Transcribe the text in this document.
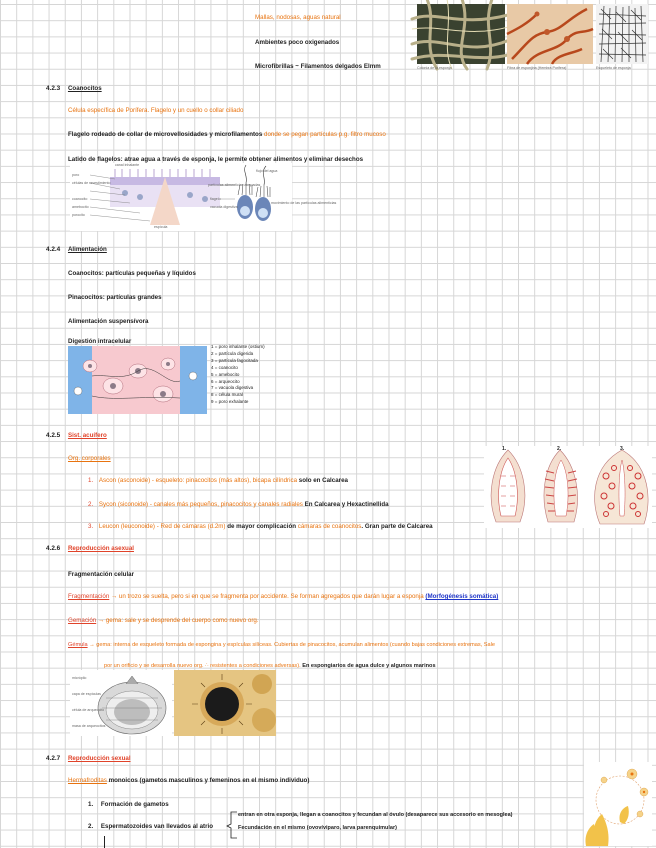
Mallas, nodosas, aguas natural
Ambientes poco oxigenados
Microfibrillas ~ Filamentos delgados Elmm	Colonia de la esponja	Fibra de esponjina (Hembra Porifera)	Esqueleto de esponja
4.2.3 Coanocitos
Célula específica de Porífera. Flagelo y un cuello o collar ciliado
Flagelo rodeado de collar de microvellosidades y microfilamentos donde se pegan partículas p.g. filtro mucoso
Latido de flagelos: atrae agua a través de esponja, le permite obtener alimentos y eliminar desechos
canal inhalante
poro
células de revestimiento
coanocito
amebocito
porocito
espícula
partículas alimenticias atrapadas
flujo del agua
flagelo
vacuola digestiva
movimiento de las partículas alimenticias
4.2.4 Alimentación
Coanocitos: partículas pequeñas y líquidos
Pinacocitos: partículas grandes
Alimentación suspensívora
Digestión intracelular
1 = poro inhalante (ostium)
2 = partícula digerida
3 = partícula fagocitada
4 = coanocito
5 = amebocito
6 = arqueocito
7 = vacuola digestiva
8 = célula mural
9 = poro exhalante
4.2.5 Sist. acuífero
Org. corporales
1. Ascon (asconoide) - esqueleto: pinacocitos (más altos), bicapa cilíndrica solo en Calcarea
2. Sycon (siconoide) - canales más pequeños, pinacocitos y canales radiales En Calcarea y Hexactinellida
3. Leucon (leuconoide) - Red de cámaras (d.2m) de mayor complicación cámaras de coanocitos. Gran parte de Calcarea
1.	2.	3.
4.2.6 Reproducción asexual
Fragmentación celular
Fragmentación → un trozo se suelta, pero si en que se fragmenta por accidente. Se forman agregados que darán lugar a esponja (Morfogénesis somática)
Gemación → gema: sale y se desprende del cuerpo como nuevo org.
Gémula → gema: interna de esqueleto formada de espongina y espículas silíceas. Cubiertas de pinacocitos, acumulan alimentos (cuando bajas condiciones extremas, Sale
por un orificio y se desarrolla nuevo org. ∴ resistentes a condiciones adversas). En espongiarios de agua dulce y algunos marinos
micrópilo
capa de espículas
célula de arqueocito
masa de arqueocitos
4.2.7 Reproducción sexual
Hermafroditas monoicos (gametos masculinos y femeninos en el mismo individuo)
1. Formación de gametos
2. Espermatozoides van llevados al atrio
entran en otra esponja, llegan a coanocitos y fecundan al óvulo (desaparece sus accesorio en mesoglea)
Fecundación en el mismo (ovovíviparo, larva parenquimular)
